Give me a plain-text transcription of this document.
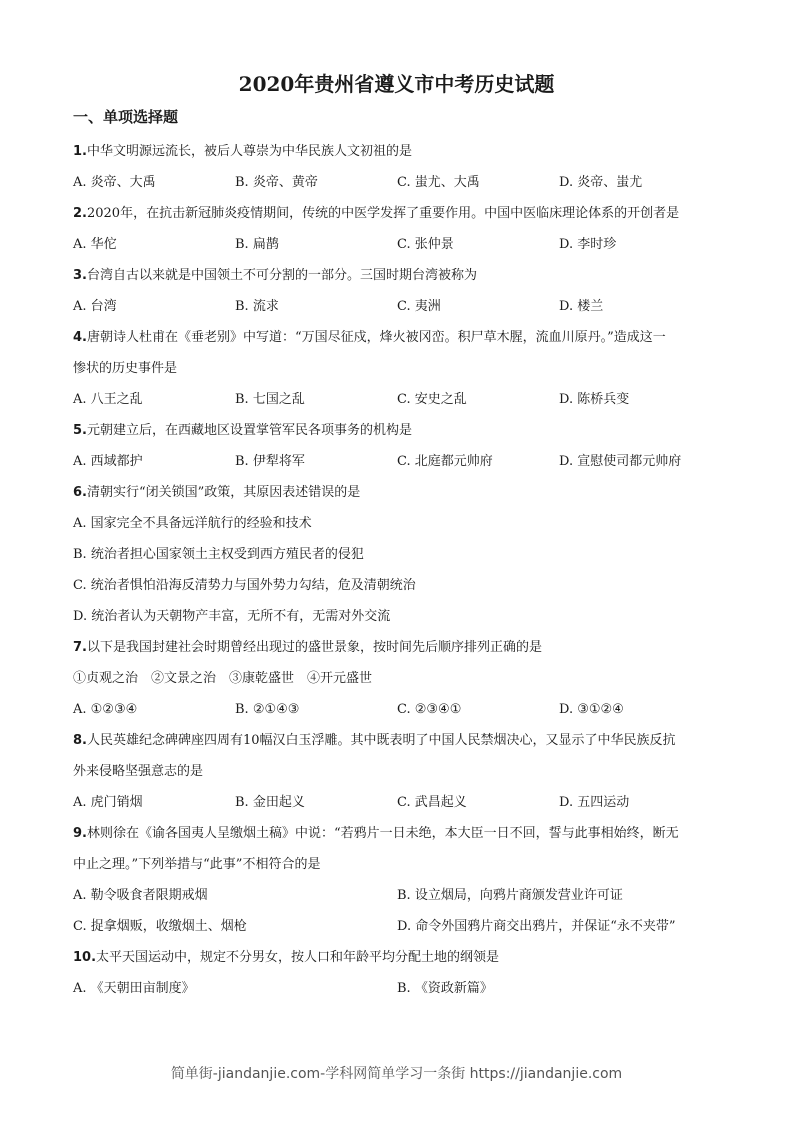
2020年贵州省遵义市中考历史试题
一、单项选择题
1.中华文明源远流长，被后人尊崇为中华民族人文初祖的是
A. 炎帝、大禹	B. 炎帝、黄帝	C. 蚩尤、大禹	D. 炎帝、蚩尤
2.2020年，在抗击新冠肺炎疫情期间，传统的中医学发挥了重要作用。中国中医临床理论体系的开创者是
A. 华佗	B. 扁鹊	C. 张仲景	D. 李时珍
3.台湾自古以来就是中国领土不可分割的一部分。三国时期台湾被称为
A. 台湾	B. 流求	C. 夷洲	D. 楼兰
4.唐朝诗人杜甫在《垂老别》中写道：“万国尽征戍，烽火被冈峦。积尸草木腥，流血川原丹。”造成这一
惨状的历史事件是
A. 八王之乱	B. 七国之乱	C. 安史之乱	D. 陈桥兵变
5.元朝建立后，在西藏地区设置掌管军民各项事务的机构是
A. 西域都护	B. 伊犁将军	C. 北庭都元帅府	D. 宣慰使司都元帅府
6.清朝实行“闭关锁国”政策，其原因表述错误的是
A. 国家完全不具备远洋航行的经验和技术
B. 统治者担心国家领土主权受到西方殖民者的侵犯
C. 统治者惧怕沿海反清势力与国外势力勾结，危及清朝统治
D. 统治者认为天朝物产丰富，无所不有，无需对外交流
7.以下是我国封建社会时期曾经出现过的盛世景象，按时间先后顺序排列正确的是
①贞观之治　②文景之治　③康乾盛世　④开元盛世
A. ①②③④	B. ②①④③	C. ②③④①	D. ③①②④
8.人民英雄纪念碑碑座四周有10幅汉白玉浮雕。其中既表明了中国人民禁烟决心，又显示了中华民族反抗
外来侵略坚强意志的是
A. 虎门销烟	B. 金田起义	C. 武昌起义	D. 五四运动
9.林则徐在《谕各国夷人呈缴烟土稿》中说：“若鸦片一日未绝，本大臣一日不回，誓与此事相始终，断无
中止之理。”下列举措与“此事”不相符合的是
A. 勒令吸食者限期戒烟	B. 设立烟局，向鸦片商颁发营业许可证
C. 捉拿烟贩，收缴烟土、烟枪	D. 命令外国鸦片商交出鸦片，并保证“永不夹带”
10.太平天国运动中，规定不分男女，按人口和年龄平均分配土地的纲领是
A. 《天朝田亩制度》	B. 《资政新篇》
简单街-jiandanjie.com-学科网简单学习一条街 https://jiandanjie.com
